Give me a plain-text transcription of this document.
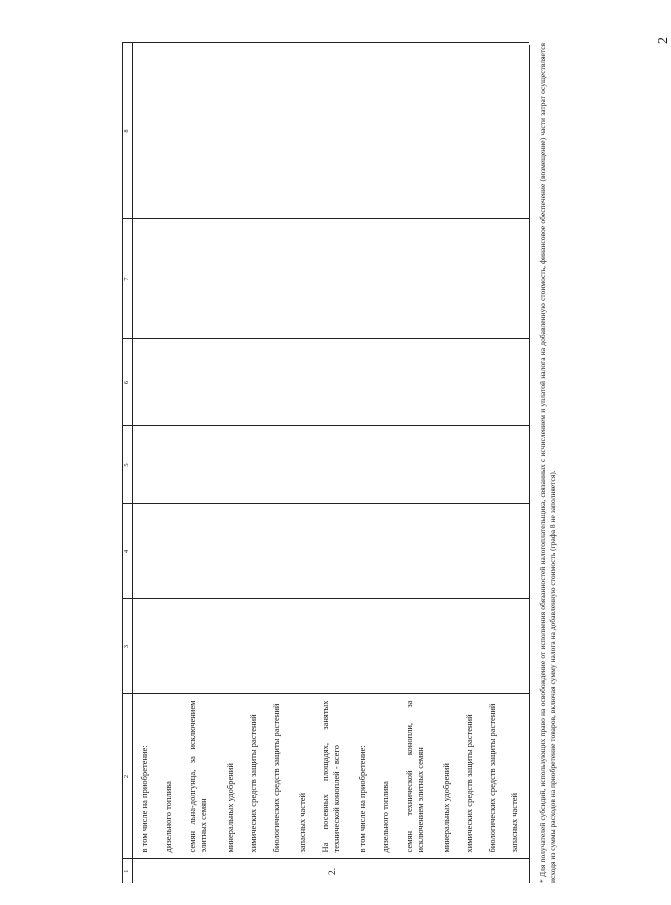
2
1	2	3	4	5	6	7	8

	в том числе на приобретение:						

	дизельного топлива						

	семян льна-долгунца, за исключением элитных семян						

	минеральных удобрений						

	химических средств защиты растений						

	биологических средств защиты растений						

	запасных частей						

2.	На посевных площадях, занятых технической коноплей - всего						

	в том числе на приобретение:						

	дизельного топлива						

	семян технической конопли, за исключением элитных семян						

	минеральных удобрений						

	химических средств защиты растений						

	биологических средств защиты растений						

	запасных частей						

* Для получателей субсидий, использующих право на освобождение от исполнения обязанностей налогоплательщика, связанных с исчислением и уплатой налога на добавленную стоимость, финансовое обеспечение (возмещение) части затрат осуществляется исходя из суммы расходов на приобретение товаров, включая сумму налога на добавленную стоимость (графа 8 не заполняется).
